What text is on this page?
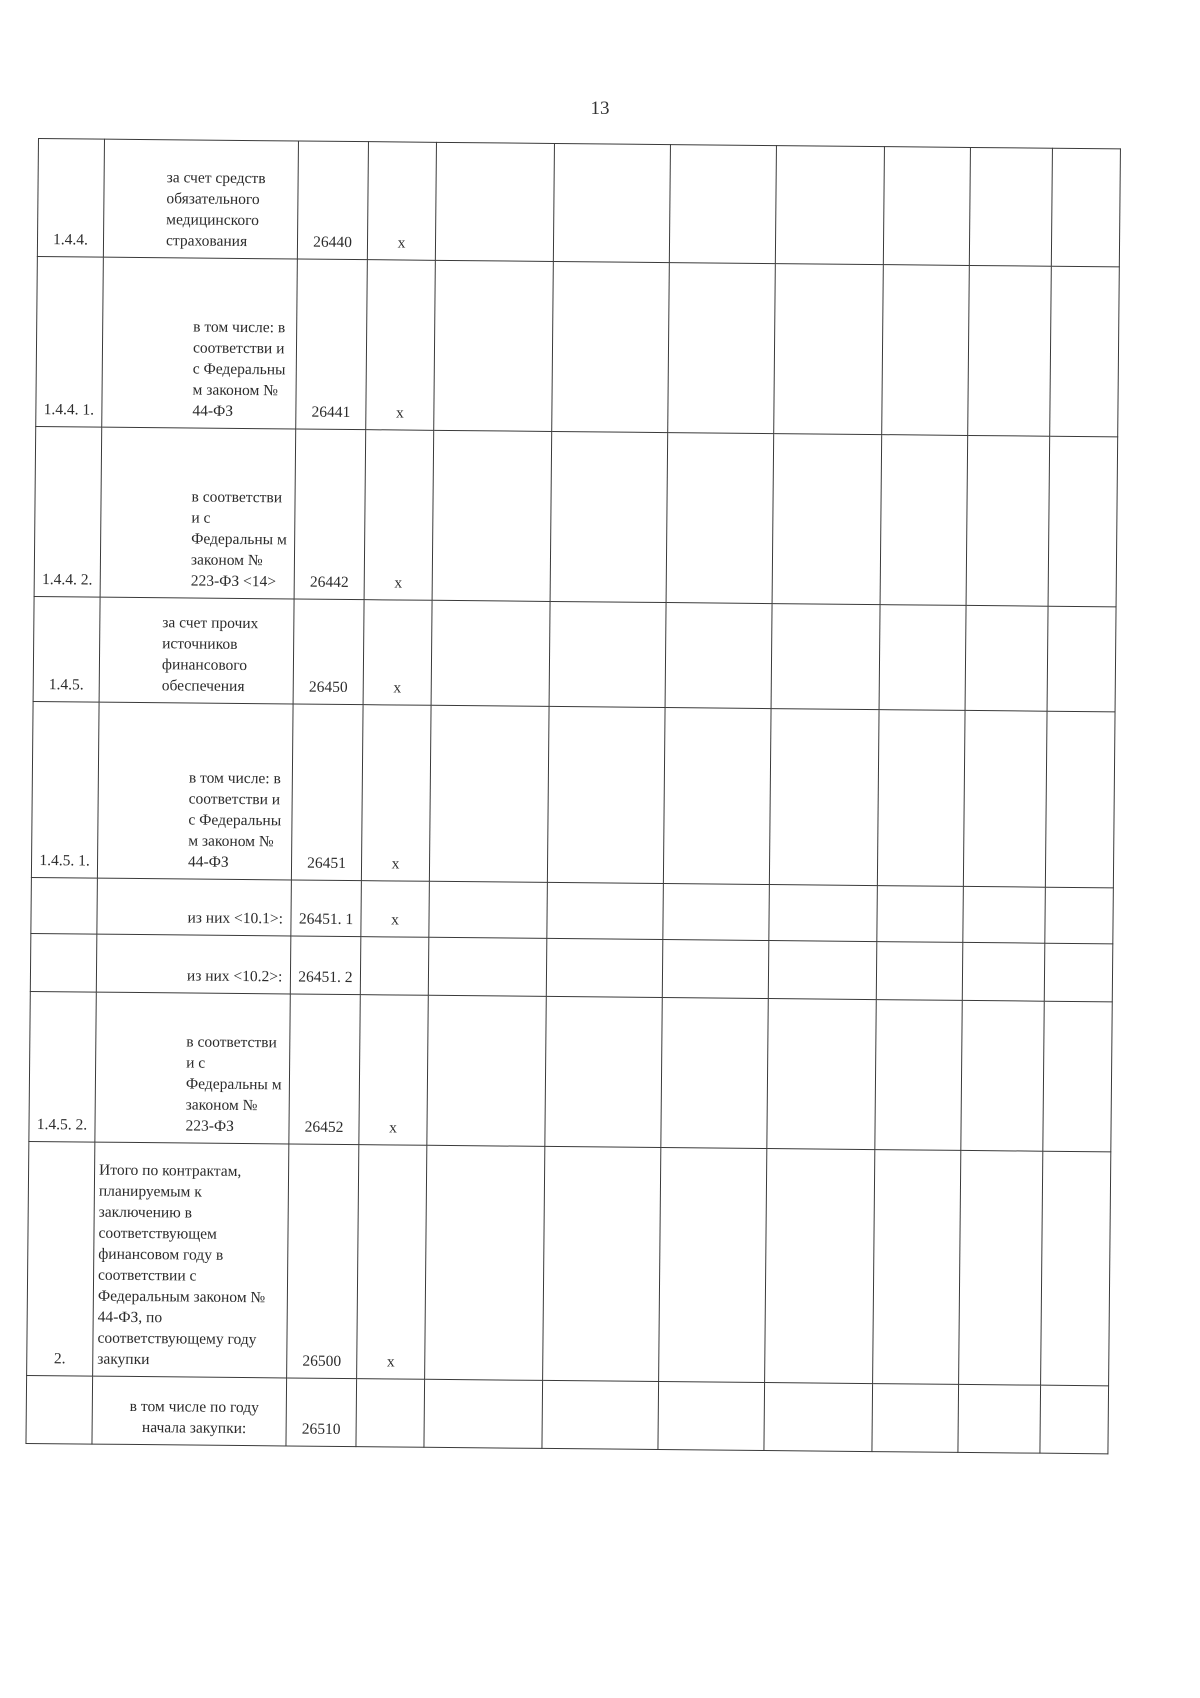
13
1.4.4.	за счет средств обязательного медицинского страхования	26440	x							
1.4.4. 1.	в том числе: в соответстви и с Федеральны м законом № 44-ФЗ	26441	x							
1.4.4. 2.	в соответстви и с Федеральны м законом № 223-ФЗ <14>	26442	x							
1.4.5.	за счет прочих источников финансового обеспечения	26450	x							
1.4.5. 1.	в том числе: в соответстви и с Федеральны м законом № 44-ФЗ	26451	x							

	из них <10.1>:	26451. 1	x							

	из них <10.2>:	26451. 2								
1.4.5. 2.	в соответстви и с Федеральны м законом № 223-ФЗ	26452	x							
2.	Итого по контрактам, планируемым к заключению в соответствующем финансовом году в соответствии с Федеральным законом № 44-ФЗ, по соответствующему году закупки	26500	x							

	в том числе по году начала закупки:	26510								
